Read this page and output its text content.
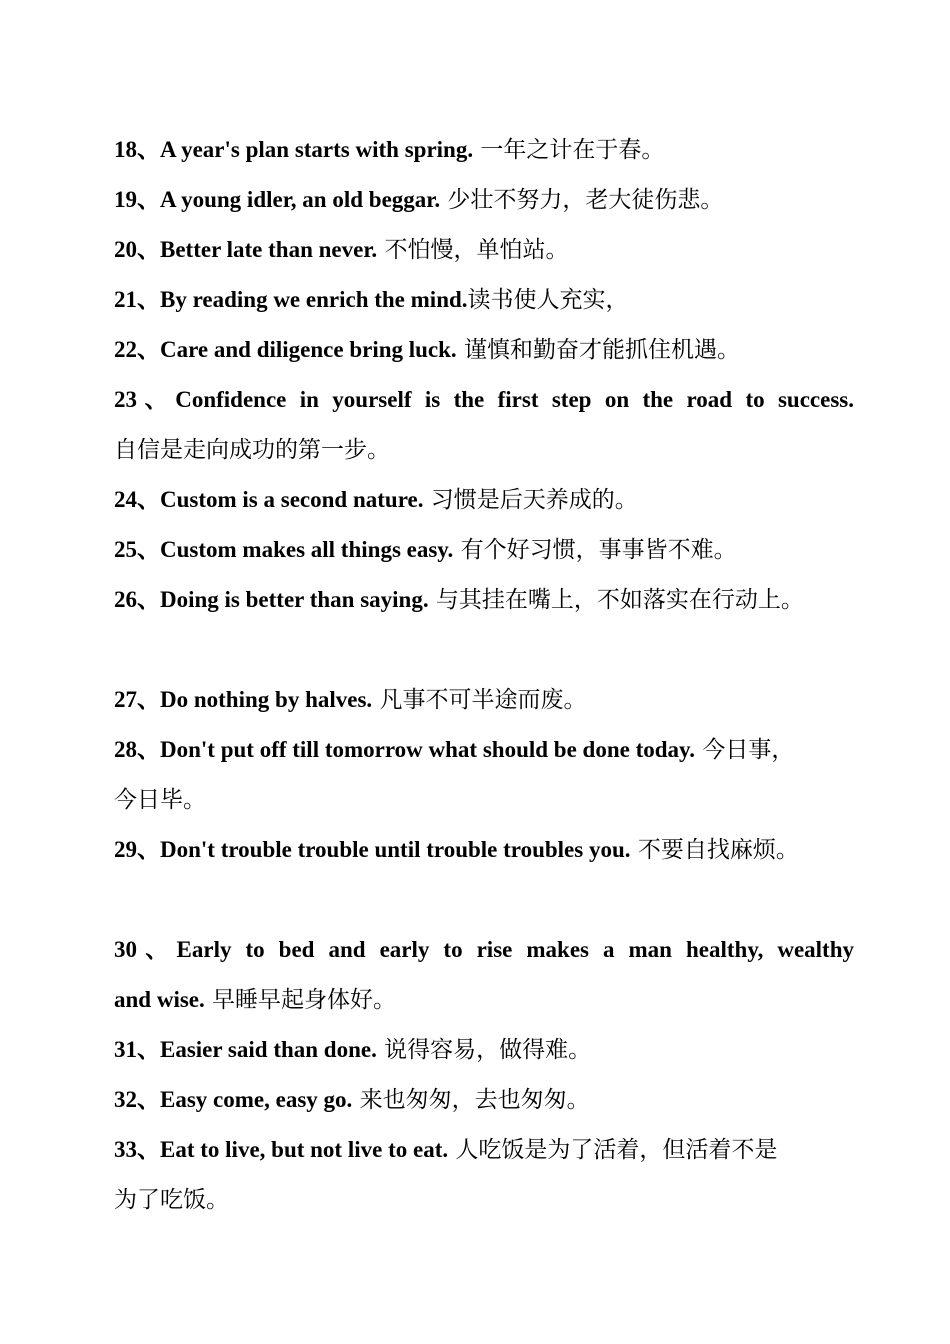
18、A year's plan starts with spring. 一年之计在于春。
19、A young idler, an old beggar. 少壮不努力，老大徒伤悲。
20、Better late than never. 不怕慢，单怕站。
21、By reading we enrich the mind.读书使人充实，
22、Care and diligence bring luck. 谨慎和勤奋才能抓住机遇。
23、Confidence in yourself is the first step on the road to success.
自信是走向成功的第一步。
24、Custom is a second nature. 习惯是后天养成的。
25、Custom makes all things easy. 有个好习惯，事事皆不难。
26、Doing is better than saying. 与其挂在嘴上，不如落实在行动上。
27、Do nothing by halves. 凡事不可半途而废。
28、Don't put off till tomorrow what should be done today. 今日事，
今日毕。
29、Don't trouble trouble until trouble troubles you. 不要自找麻烦。
30、Early to bed and early to rise makes a man healthy, wealthy
and wise. 早睡早起身体好。
31、Easier said than done. 说得容易，做得难。
32、Easy come, easy go. 来也匆匆，去也匆匆。
33、Eat to live, but not live to eat. 人吃饭是为了活着，但活着不是
为了吃饭。
